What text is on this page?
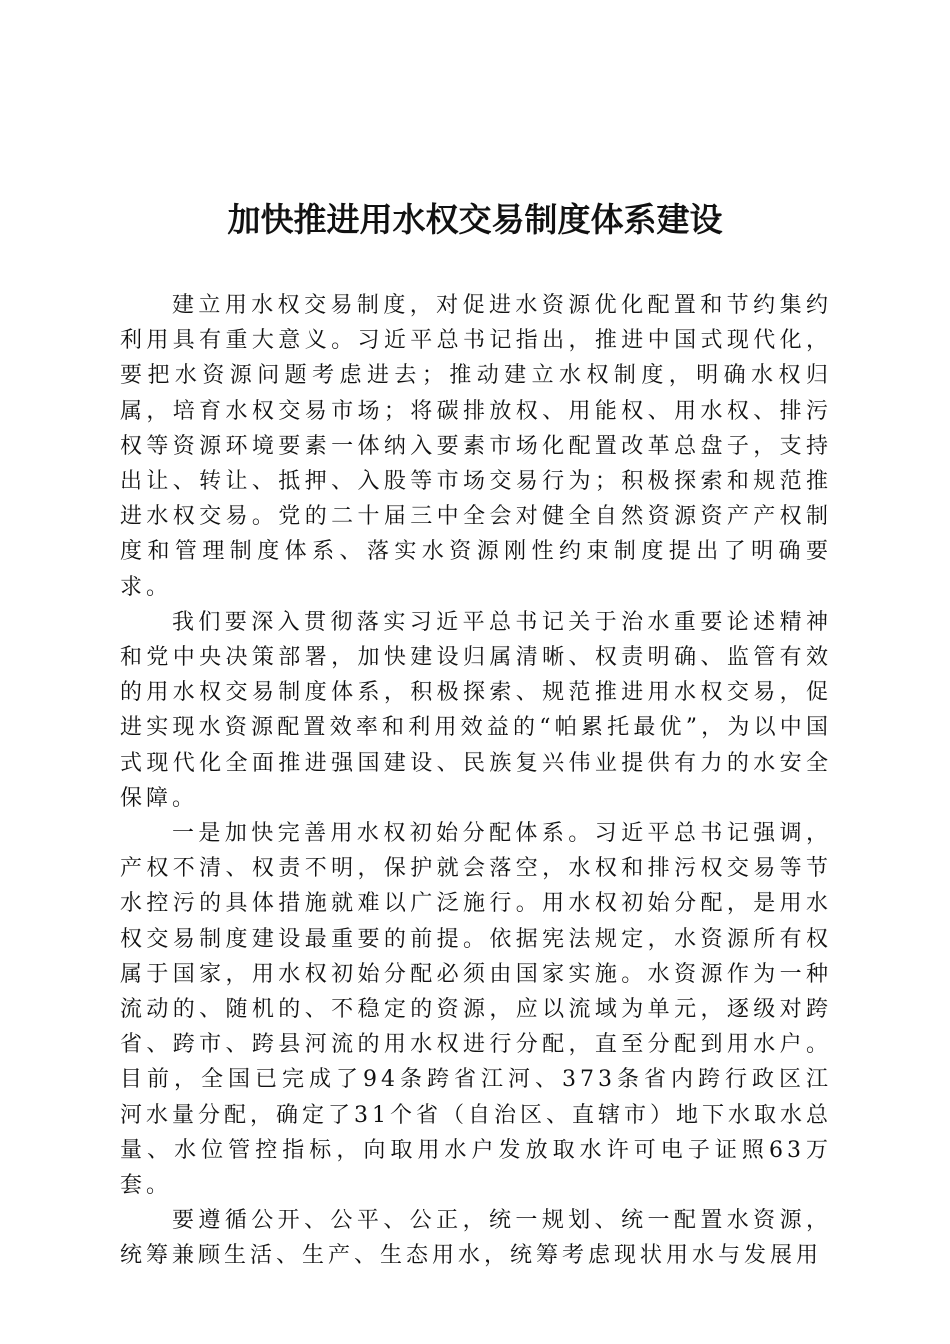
加快推进用水权交易制度体系建设

建立用水权交易制度，对促进水资源优化配置和节约集约利用具有重大意义。习近平总书记指出，推进中国式现代化，要把水资源问题考虑进去；推动建立水权制度，明确水权归属，培育水权交易市场；将碳排放权、用能权、用水权、排污权等资源环境要素一体纳入要素市场化配置改革总盘子，支持出让、转让、抵押、入股等市场交易行为；积极探索和规范推进水权交易。党的二十届三中全会对健全自然资源资产产权制度和管理制度体系、落实水资源刚性约束制度提出了明确要求。

我们要深入贯彻落实习近平总书记关于治水重要论述精神和党中央决策部署，加快建设归属清晰、权责明确、监管有效的用水权交易制度体系，积极探索、规范推进用水权交易，促进实现水资源配置效率和利用效益的“帕累托最优”，为以中国式现代化全面推进强国建设、民族复兴伟业提供有力的水安全保障。

一是加快完善用水权初始分配体系。习近平总书记强调，产权不清、权责不明，保护就会落空，水权和排污权交易等节水控污的具体措施就难以广泛施行。用水权初始分配，是用水权交易制度建设最重要的前提。依据宪法规定，水资源所有权属于国家，用水权初始分配必须由国家实施。水资源作为一种流动的、随机的、不稳定的资源，应以流域为单元，逐级对跨省、跨市、跨县河流的用水权进行分配，直至分配到用水户。目前，全国已完成了94条跨省江河、373条省内跨行政区江河水量分配，确定了31个省（自治区、直辖市）地下水取水总量、水位管控指标，向取用水户发放取水许可电子证照63万套。

要遵循公开、公平、公正，统一规划、统一配置水资源，统筹兼顾生活、生产、生态用水，统筹考虑现状用水与发展用
